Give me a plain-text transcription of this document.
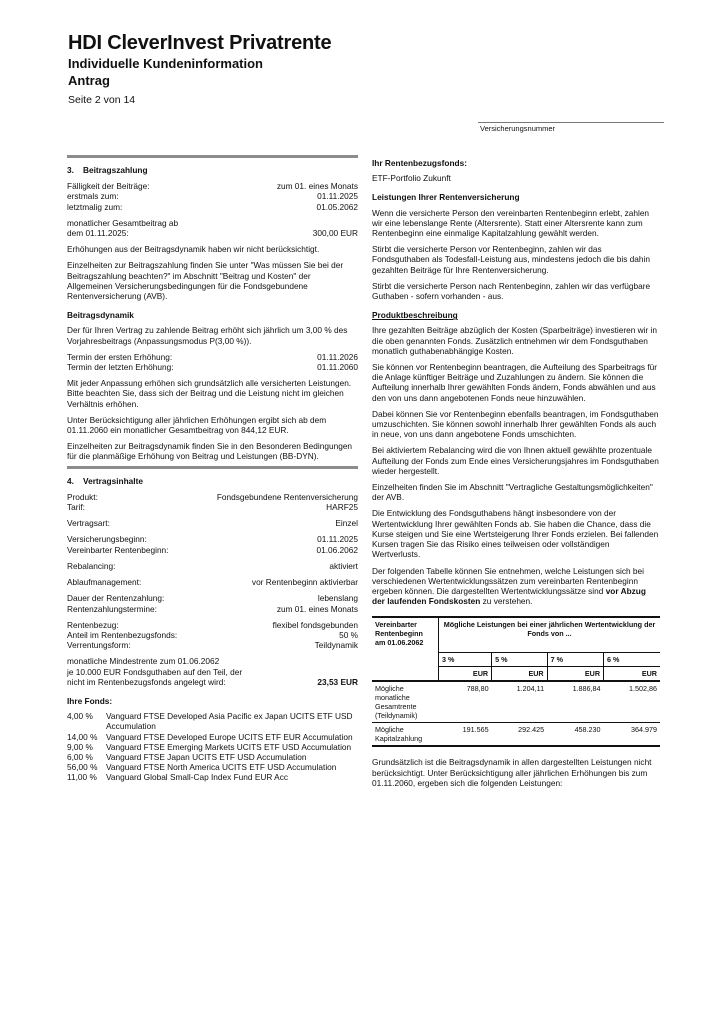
HDI CleverInvest Privatrente
Individuelle Kundeninformation
Antrag
Seite 2 von 14
Versicherungsnummer
3. Beitragszahlung
Fälligkeit der Beiträge:	zum 01. eines Monats
erstmals zum:	01.11.2025
letztmalig zum:	01.05.2062
monatlicher Gesamtbeitrag ab
dem 01.11.2025:	300,00 EUR

Erhöhungen aus der Beitragsdynamik haben wir nicht berücksichtigt.

Einzelheiten zur Beitragszahlung finden Sie unter "Was müssen Sie bei der Beitragszahlung beachten?" im Abschnitt "Beitrag und Kosten" der Allgemeinen Versicherungsbedingungen für die Fondsgebundene Rentenversicherung (AVB).

Beitragsdynamik

Der für Ihren Vertrag zu zahlende Beitrag erhöht sich jährlich um 3,00 % des Vorjahresbeitrags (Anpassungsmodus P(3,00 %)).

Termin der ersten Erhöhung:	01.11.2026
Termin der letzten Erhöhung:	01.11.2060

Mit jeder Anpassung erhöhen sich grundsätzlich alle versicherten Leistungen. Bitte beachten Sie, dass sich der Beitrag und die Leistung nicht im gleichen Verhältnis erhöhen.

Unter Berücksichtigung aller jährlichen Erhöhungen ergibt sich ab dem 01.11.2060 ein monatlicher Gesamtbeitrag von 844,12 EUR.

Einzelheiten zur Beitragsdynamik finden Sie in den Besonderen Bedingungen für die planmäßige Erhöhung von Beitrag und Leistungen (BB-DYN).

4. Vertragsinhalte
Produkt:	Fondsgebundene Rentenversicherung
Tarif:	HARF25
Vertragsart:	Einzel
Versicherungsbeginn:	01.11.2025
Vereinbarter Rentenbeginn:	01.06.2062
Rebalancing:	aktiviert
Ablaufmanagement:	vor Rentenbeginn aktivierbar
Dauer der Rentenzahlung:	lebenslang
Rentenzahlungstermine:	zum 01. eines Monats
Rentenbezug:	flexibel fondsgebunden
Anteil im Rentenbezugsfonds:	50 %
Verrentungsform:	Teildynamik
monatliche Mindestrente zum 01.06.2062
je 10.000 EUR Fondsguthaben auf den Teil, der
nicht im Rentenbezugsfonds angelegt wird:	23,53 EUR
Ihre Fonds:
4,00 %	Vanguard FTSE Developed Asia Pacific ex Japan UCITS ETF USD Accumulation
14,00 %	Vanguard FTSE Developed Europe UCITS ETF EUR Accumulation
9,00 %	Vanguard FTSE Emerging Markets UCITS ETF USD Accumulation
6,00 %	Vanguard FTSE Japan UCITS ETF USD Accumulation
56,00 %	Vanguard FTSE North America UCITS ETF USD Accumulation
11,00 %	Vanguard Global Small-Cap Index Fund EUR Acc
Ihr Rentenbezugsfonds:

ETF-Portfolio Zukunft

Leistungen Ihrer Rentenversicherung

Wenn die versicherte Person den vereinbarten Rentenbeginn erlebt, zahlen wir eine lebenslange Rente (Altersrente). Statt einer Altersrente kann zum Rentenbeginn eine einmalige Kapitalzahlung gewählt werden.

Stirbt die versicherte Person vor Rentenbeginn, zahlen wir das Fondsguthaben als Todesfall-Leistung aus, mindestens jedoch die bis dahin gezahlten Beiträge für Ihre Rentenversicherung.

Stirbt die versicherte Person nach Rentenbeginn, zahlen wir das verfügbare Guthaben - sofern vorhanden - aus.

Produktbeschreibung

Ihre gezahlten Beiträge abzüglich der Kosten (Sparbeiträge) investieren wir in die oben genannten Fonds. Zusätzlich entnehmen wir dem Fondsguthaben monatlich guthabenabhängige Kosten.

Sie können vor Rentenbeginn beantragen, die Aufteilung des Sparbeitrags für die Anlage künftiger Beiträge und Zuzahlungen zu ändern. Sie können die Aufteilung innerhalb Ihrer gewählten Fonds ändern, Fonds abwählen und aus den von uns dann angebotenen Fonds neue hinzuwählen.

Dabei können Sie vor Rentenbeginn ebenfalls beantragen, im Fondsguthaben umzuschichten. Sie können sowohl innerhalb Ihrer gewählten Fonds als auch in neue, von uns dann angebotene Fonds umschichten.

Bei aktiviertem Rebalancing wird die von Ihnen aktuell gewählte prozentuale Aufteilung der Fonds zum Ende eines Versicherungsjahres im Fondsguthaben wieder hergestellt.

Einzelheiten finden Sie im Abschnitt "Vertragliche Gestaltungsmöglichkeiten" der AVB.

Die Entwicklung des Fondsguthabens hängt insbesondere von der Wertentwicklung Ihrer gewählten Fonds ab. Sie haben die Chance, dass die Kurse steigen und Sie eine Wertsteigerung Ihrer Fonds erzielen. Bei fallenden Kursen tragen Sie das Risiko eines teilweisen oder vollständigen Wertverlusts.

Der folgenden Tabelle können Sie entnehmen, welche Leistungen sich bei verschiedenen Wertentwicklungssätzen zum vereinbarten Rentenbeginn ergeben können. Die dargestellten Wertentwicklungssätze sind vor Abzug der laufenden Fondskosten zu verstehen.

Vereinbarter Rentenbeginn am 01.06.2062	Mögliche Leistungen bei einer jährlichen Wertentwicklung der Fonds von ...			
	3 %	5 %	7 %	6 %
	EUR	EUR	EUR	EUR
Mögliche monatliche Gesamtrente (Teildynamik)	788,80	1.204,11	1.886,84	1.502,86
Mögliche Kapitalzahlung	191.565	292.425	458.230	364.979

Grundsätzlich ist die Beitragsdynamik in allen dargestellten Leistungen nicht berücksichtigt. Unter Berücksichtigung aller jährlichen Erhöhungen bis zum 01.11.2060, ergeben sich die folgenden Leistungen:
